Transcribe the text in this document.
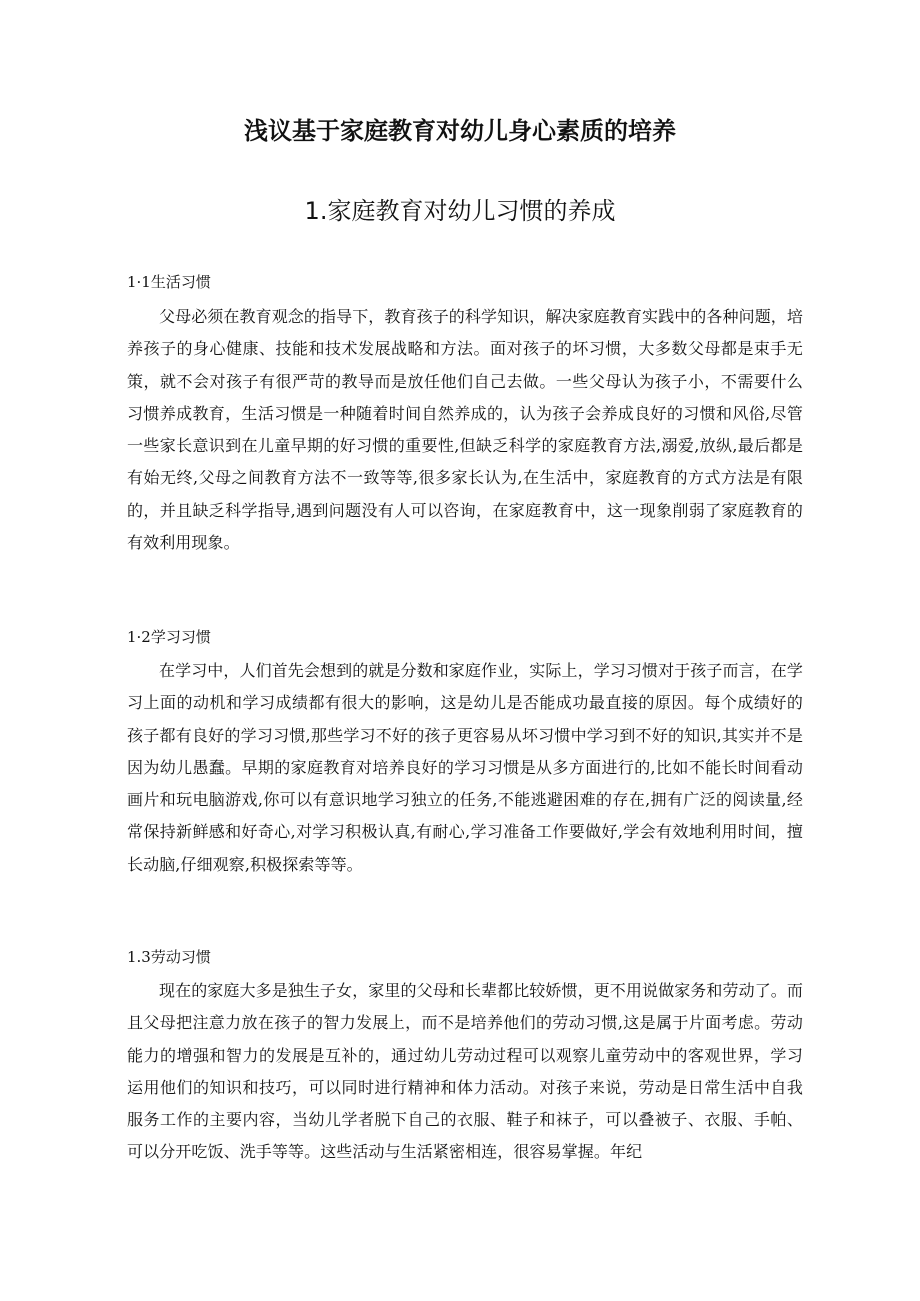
浅议基于家庭教育对幼儿身心素质的培养
1.家庭教育对幼儿习惯的养成

1·1生活习惯

父母必须在教育观念的指导下，教育孩子的科学知识，解决家庭教育实践中的各种问题，培养孩子的身心健康、技能和技术发展战略和方法。面对孩子的坏习惯，大多数父母都是束手无策，就不会对孩子有很严苛的教导而是放任他们自己去做。一些父母认为孩子小，不需要什么习惯养成教育，生活习惯是一种随着时间自然养成的，认为孩子会养成良好的习惯和风俗,尽管一些家长意识到在儿童早期的好习惯的重要性,但缺乏科学的家庭教育方法,溺爱,放纵,最后都是有始无终,父母之间教育方法不一致等等,很多家长认为,在生活中，家庭教育的方式方法是有限的，并且缺乏科学指导,遇到问题没有人可以咨询，在家庭教育中，这一现象削弱了家庭教育的有效利用现象。

1·2学习习惯

在学习中，人们首先会想到的就是分数和家庭作业，实际上，学习习惯对于孩子而言，在学习上面的动机和学习成绩都有很大的影响，这是幼儿是否能成功最直接的原因。每个成绩好的孩子都有良好的学习习惯,那些学习不好的孩子更容易从坏习惯中学习到不好的知识,其实并不是因为幼儿愚蠢。早期的家庭教育对培养良好的学习习惯是从多方面进行的,比如不能长时间看动画片和玩电脑游戏,你可以有意识地学习独立的任务,不能逃避困难的存在,拥有广泛的阅读量,经常保持新鲜感和好奇心,对学习积极认真,有耐心,学习准备工作要做好,学会有效地利用时间，擅长动脑,仔细观察,积极探索等等。

1.3劳动习惯

现在的家庭大多是独生子女，家里的父母和长辈都比较娇惯，更不用说做家务和劳动了。而且父母把注意力放在孩子的智力发展上，而不是培养他们的劳动习惯,这是属于片面考虑。劳动能力的增强和智力的发展是互补的，通过幼儿劳动过程可以观察儿童劳动中的客观世界，学习运用他们的知识和技巧，可以同时进行精神和体力活动。对孩子来说，劳动是日常生活中自我服务工作的主要内容，当幼儿学者脱下自己的衣服、鞋子和袜子，可以叠被子、衣服、手帕、可以分开吃饭、洗手等等。这些活动与生活紧密相连，很容易掌握。年纪
